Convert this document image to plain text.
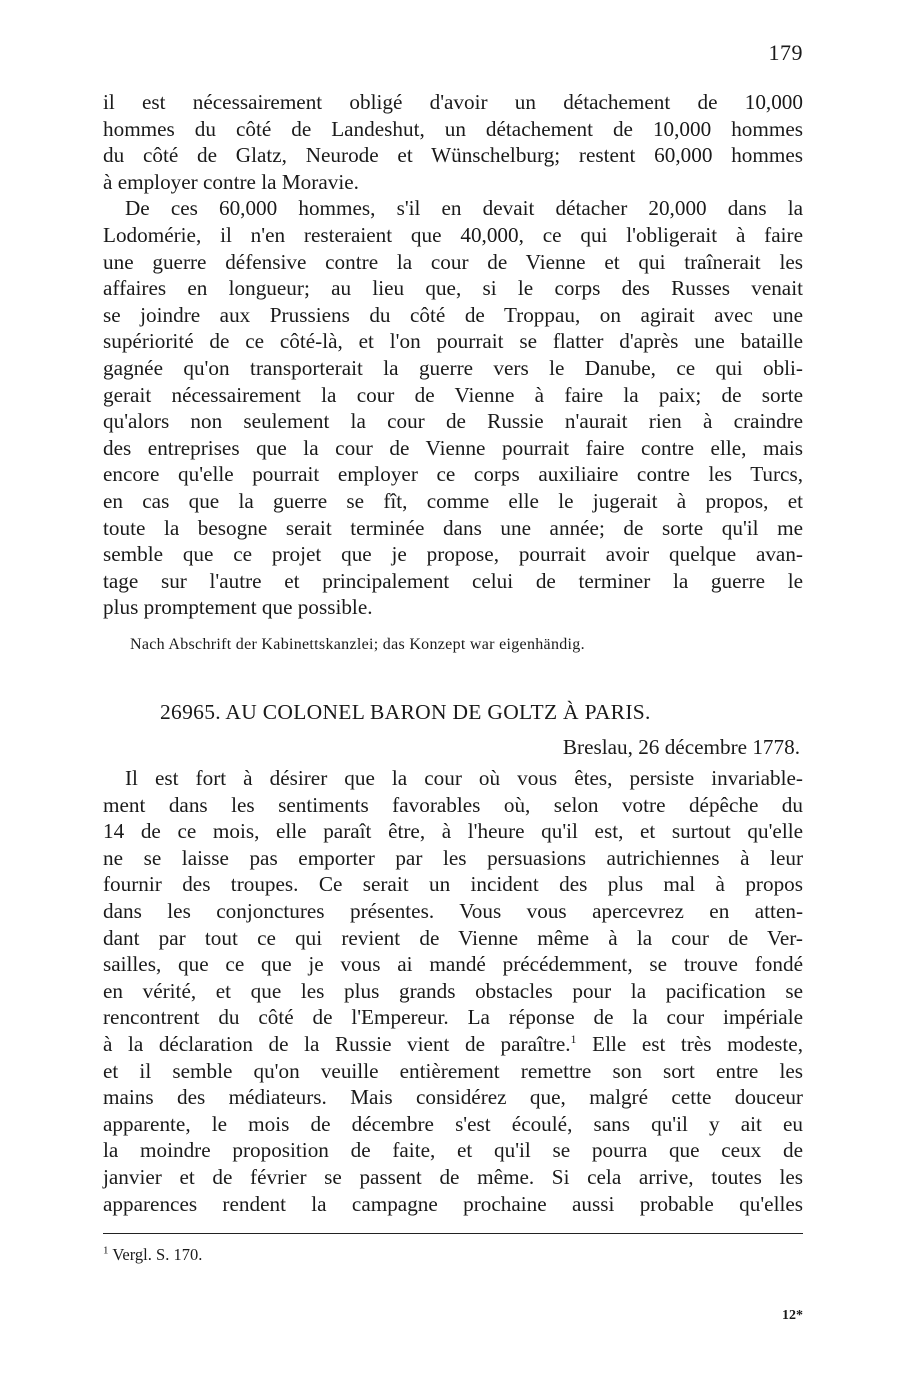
179
il est nécessairement obligé d'avoir un détachement de 10,000
hommes du côté de Landeshut, un détachement de 10,000 hommes
du côté de Glatz, Neurode et Wünschelburg; restent 60,000 hommes
à employer contre la Moravie.
De ces 60,000 hommes, s'il en devait détacher 20,000 dans la
Lodomérie, il n'en resteraient que 40,000, ce qui l'obligerait à faire
une guerre défensive contre la cour de Vienne et qui traînerait les
affaires en longueur; au lieu que, si le corps des Russes venait
se joindre aux Prussiens du côté de Troppau, on agirait avec une
supériorité de ce côté-là, et l'on pourrait se flatter d'après une bataille
gagnée qu'on transporterait la guerre vers le Danube, ce qui obli-
gerait nécessairement la cour de Vienne à faire la paix; de sorte
qu'alors non seulement la cour de Russie n'aurait rien à craindre
des entreprises que la cour de Vienne pourrait faire contre elle, mais
encore qu'elle pourrait employer ce corps auxiliaire contre les Turcs,
en cas que la guerre se fît, comme elle le jugerait à propos, et
toute la besogne serait terminée dans une année; de sorte qu'il me
semble que ce projet que je propose, pourrait avoir quelque avan-
tage sur l'autre et principalement celui de terminer la guerre le
plus promptement que possible.
Nach Abschrift der Kabinettskanzlei; das Konzept war eigenhändig.
26965. AU COLONEL BARON DE GOLTZ À PARIS.
Breslau, 26 décembre 1778.
Il est fort à désirer que la cour où vous êtes, persiste invariable-
ment dans les sentiments favorables où, selon votre dépêche du
14 de ce mois, elle paraît être, à l'heure qu'il est, et surtout qu'elle
ne se laisse pas emporter par les persuasions autrichiennes à leur
fournir des troupes. Ce serait un incident des plus mal à propos
dans les conjonctures présentes. Vous vous apercevrez en atten-
dant par tout ce qui revient de Vienne même à la cour de Ver-
sailles, que ce que je vous ai mandé précédemment, se trouve fondé
en vérité, et que les plus grands obstacles pour la pacification se
rencontrent du côté de l'Empereur. La réponse de la cour impériale
à la déclaration de la Russie vient de paraître.$^1$ Elle est très modeste,
et il semble qu'on veuille entièrement remettre son sort entre les
mains des médiateurs. Mais considérez que, malgré cette douceur
apparente, le mois de décembre s'est écoulé, sans qu'il y ait eu
la moindre proposition de faite, et qu'il se pourra que ceux de
janvier et de février se passent de même. Si cela arrive, toutes les
apparences rendent la campagne prochaine aussi probable qu'elles
$^1$ Vergl. S. 170.
12*
